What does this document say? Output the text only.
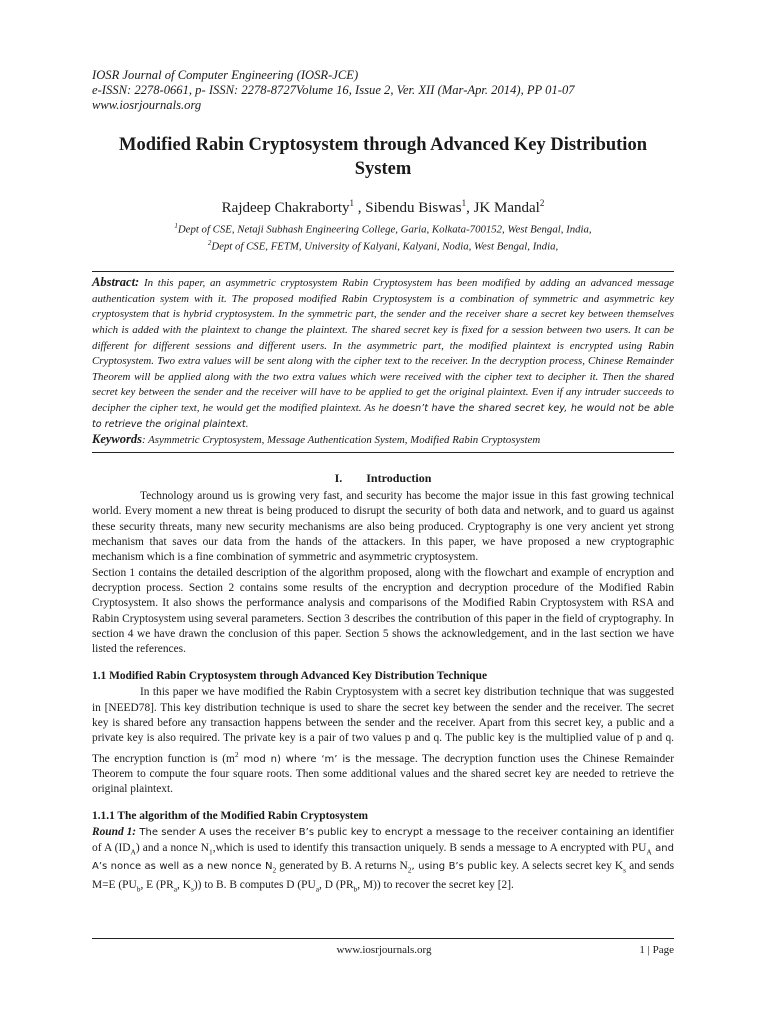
IOSR Journal of Computer Engineering (IOSR-JCE)
e-ISSN: 2278-0661, p- ISSN: 2278-8727Volume 16, Issue 2, Ver. XII (Mar-Apr. 2014), PP 01-07
www.iosrjournals.org
Modified Rabin Cryptosystem through Advanced Key Distribution System
Rajdeep Chakraborty$^1$ , Sibendu Biswas$^1$, JK Mandal$^2$
$^1$Dept of CSE, Netaji Subhash Engineering College, Garia, Kolkata-700152, West Bengal, India,
$^2$Dept of CSE, FETM, University of Kalyani, Kalyani, Nodia, West Bengal, India,
Abstract: In this paper, an asymmetric cryptosystem Rabin Cryptosystem has been modified by adding an advanced message authentication system with it. The proposed modified Rabin Cryptosystem is a combination of symmetric and asymmetric key cryptosystem that is hybrid cryptosystem. In the symmetric part, the sender and the receiver share a secret key between themselves which is added with the plaintext to change the plaintext. The shared secret key is fixed for a session between two users. It can be different for different sessions and different users. In the asymmetric part, the modified plaintext is encrypted using Rabin Cryptosystem. Two extra values will be sent along with the cipher text to the receiver. In the decryption process, Chinese Remainder Theorem will be applied along with the two extra values which were received with the cipher text to decipher it. Then the shared secret key between the sender and the receiver will have to be applied to get the original plaintext. Even if any intruder succeeds to decipher the cipher text, he would get the modified plaintext. As he doesn’t have the shared secret key, he would not be able to retrieve the original plaintext.
Keywords: Asymmetric Cryptosystem, Message Authentication System, Modified Rabin Cryptosystem
I. Introduction

Technology around us is growing very fast, and security has become the major issue in this fast growing technical world. Every moment a new threat is being produced to disrupt the security of both data and network, and to guard us against these security threats, many new security mechanisms are also being produced. Cryptography is one very ancient yet strong mechanism that saves our data from the hands of the attackers. In this paper, we have proposed a new cryptographic mechanism which is a fine combination of symmetric and asymmetric cryptosystem.

Section 1 contains the detailed description of the algorithm proposed, along with the flowchart and example of encryption and decryption process. Section 2 contains some results of the encryption and decryption procedure of the Modified Rabin Cryptosystem. It also shows the performance analysis and comparisons of the Modified Rabin Cryptosystem with RSA and Rabin Cryptosystem using several parameters. Section 3 describes the contribution of this paper in the field of cryptography. In section 4 we have drawn the conclusion of this paper. Section 5 shows the acknowledgement, and in the last section we have listed the references.

1.1 Modified Rabin Cryptosystem through Advanced Key Distribution Technique

In this paper we have modified the Rabin Cryptosystem with a secret key distribution technique that was suggested in [NEED78]. This key distribution technique is used to share the secret key between the sender and the receiver. The secret key is shared before any transaction happens between the sender and the receiver. Apart from this secret key, a public and a private key is also required. The private key is a pair of two values p and q. The public key is the multiplied value of p and q. The encryption function is ($m^2$ mod n) where ‘m’ is the message. The decryption function uses the Chinese Remainder Theorem to compute the four square roots. Then some additional values and the shared secret key are needed to retrieve the original plaintext.

1.1.1 The algorithm of the Modified Rabin Cryptosystem

Round 1: The sender A uses the receiver B’s public key to encrypt a message to the receiver containing an identifier of A $(ID_A)$ and a nonce $N_1,which$ is used to identify this transaction uniquely. B sends a message to A encrypted with $PU_A$ and A’s nonce as well as a new nonce $N_2$ generated by B. A returns $N_2$, using B’s public key. A selects secret key $K_s$ and sends M=E ($PU_b$, E ($PR_a$, $K_s$)) to B. B computes D ($PU_a$, D ($PR_b$, M)) to recover the secret key [2].

www.iosrjournals.org	1 | Page
